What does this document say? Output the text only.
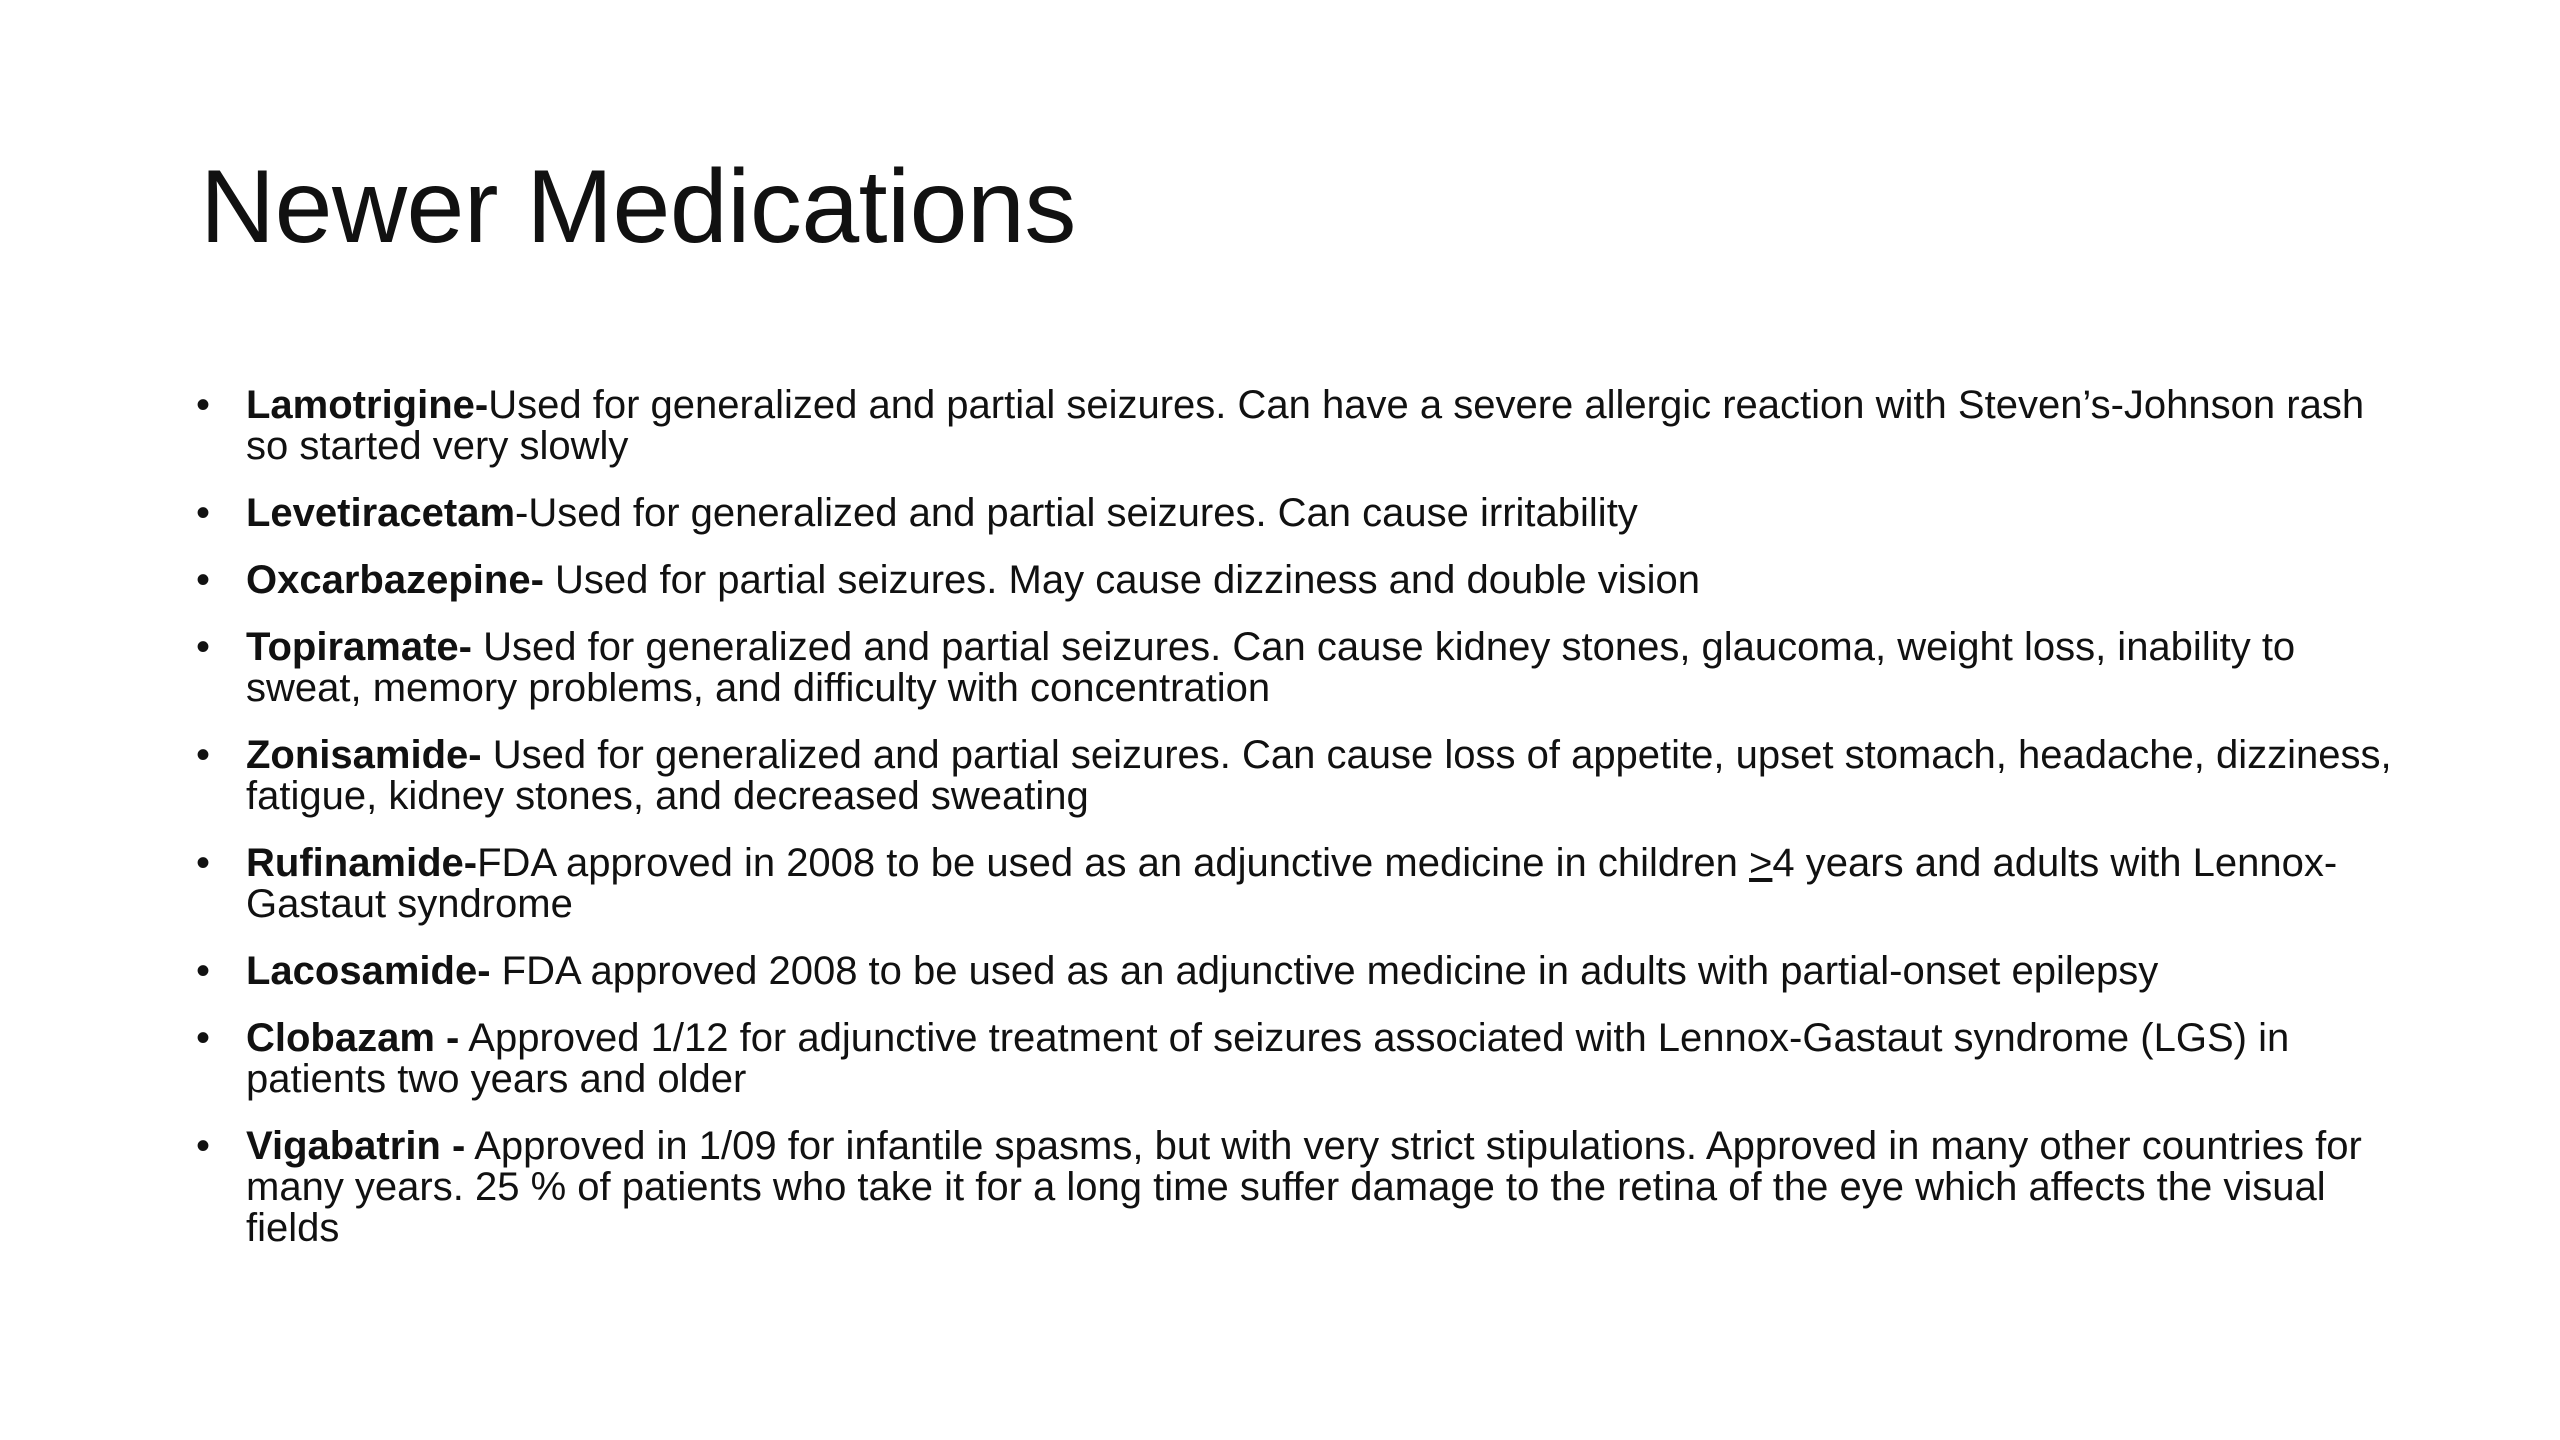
Newer Medications
• Lamotrigine-Used for generalized and partial seizures. Can have a severe allergic reaction with Steven’s-Johnson rash so started very slowly
• Levetiracetam-Used for generalized and partial seizures. Can cause irritability
• Oxcarbazepine- Used for partial seizures. May cause dizziness and double vision
• Topiramate- Used for generalized and partial seizures. Can cause kidney stones, glaucoma, weight loss, inability to sweat, memory problems, and difficulty with concentration
• Zonisamide- Used for generalized and partial seizures. Can cause loss of appetite, upset stomach, headache, dizziness, fatigue, kidney stones, and decreased sweating
• Rufinamide-FDA approved in 2008 to be used as an adjunctive medicine in children ≥4 years and adults with Lennox-Gastaut syndrome
• Lacosamide- FDA approved 2008 to be used as an adjunctive medicine in adults with partial-onset epilepsy
• Clobazam - Approved 1/12 for adjunctive treatment of seizures associated with Lennox-Gastaut syndrome (LGS) in patients two years and older
• Vigabatrin - Approved in 1/09 for infantile spasms, but with very strict stipulations. Approved in many other countries for many years. 25 % of patients who take it for a long time suffer damage to the retina of the eye which affects the visual fields
